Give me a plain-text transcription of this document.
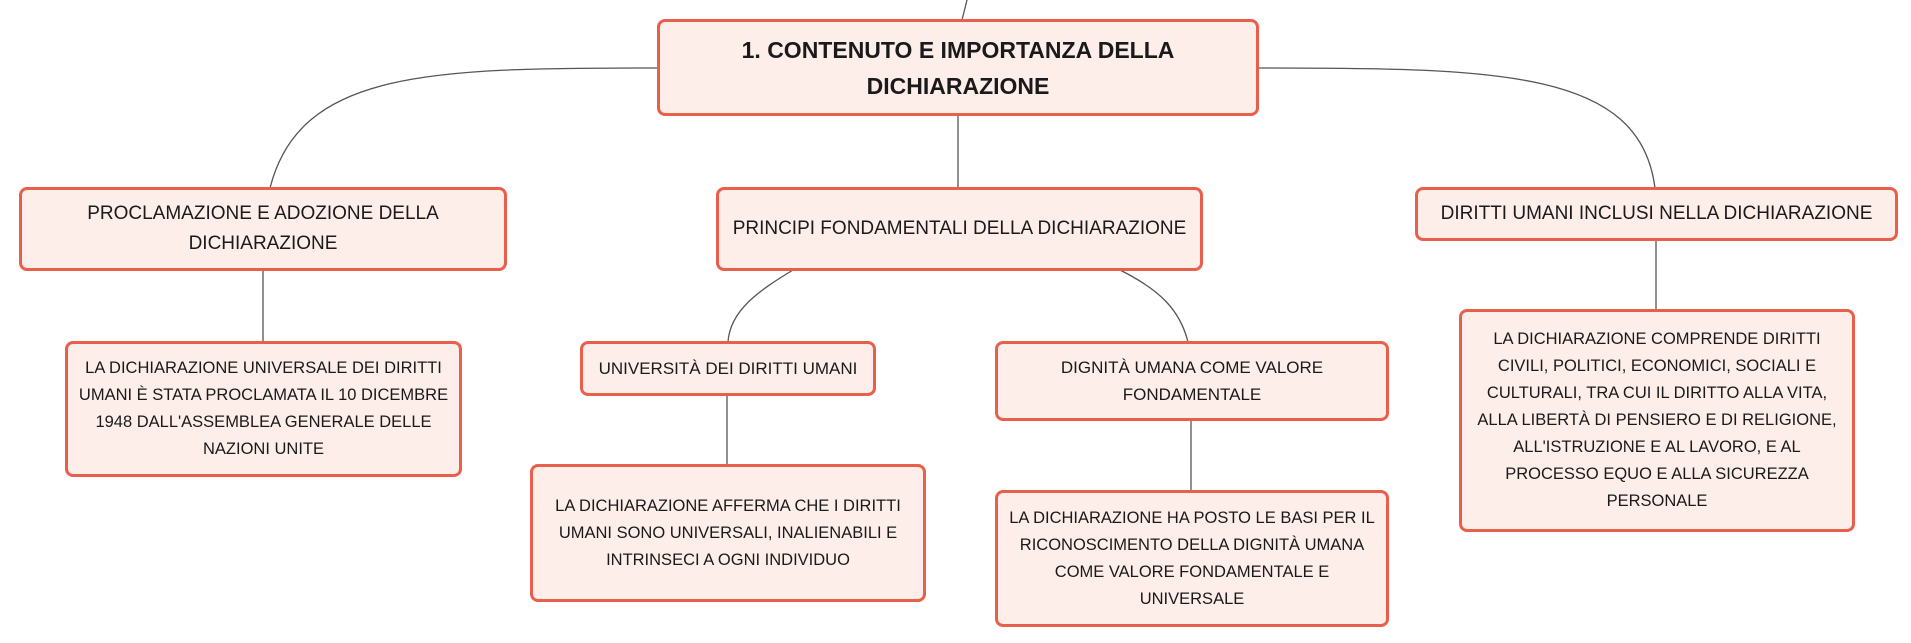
1. CONTENUTO E IMPORTANZA DELLA DICHIARAZIONE
PROCLAMAZIONE E ADOZIONE DELLA DICHIARAZIONE
PRINCIPI FONDAMENTALI DELLA DICHIARAZIONE
DIRITTI UMANI INCLUSI NELLA DICHIARAZIONE
UNIVERSITÀ DEI DIRITTI UMANI	DIGNITÀ UMANA COME VALORE FONDAMENTALE
LA DICHIARAZIONE UNIVERSALE DEI DIRITTI UMANI È STATA PROCLAMATA IL 10 DICEMBRE 1948 DALL'ASSEMBLEA GENERALE DELLE NAZIONI UNITE
LA DICHIARAZIONE AFFERMA CHE I DIRITTI UMANI SONO UNIVERSALI, INALIENABILI E INTRINSECI A OGNI INDIVIDUO
LA DICHIARAZIONE HA POSTO LE BASI PER IL RICONOSCIMENTO DELLA DIGNITÀ UMANA COME VALORE FONDAMENTALE E UNIVERSALE
LA DICHIARAZIONE COMPRENDE DIRITTI CIVILI, POLITICI, ECONOMICI, SOCIALI E CULTURALI, TRA CUI IL DIRITTO ALLA VITA, ALLA LIBERTÀ DI PENSIERO E DI RELIGIONE, ALL'ISTRUZIONE E AL LAVORO, E AL PROCESSO EQUO E ALLA SICUREZZA PERSONALE
